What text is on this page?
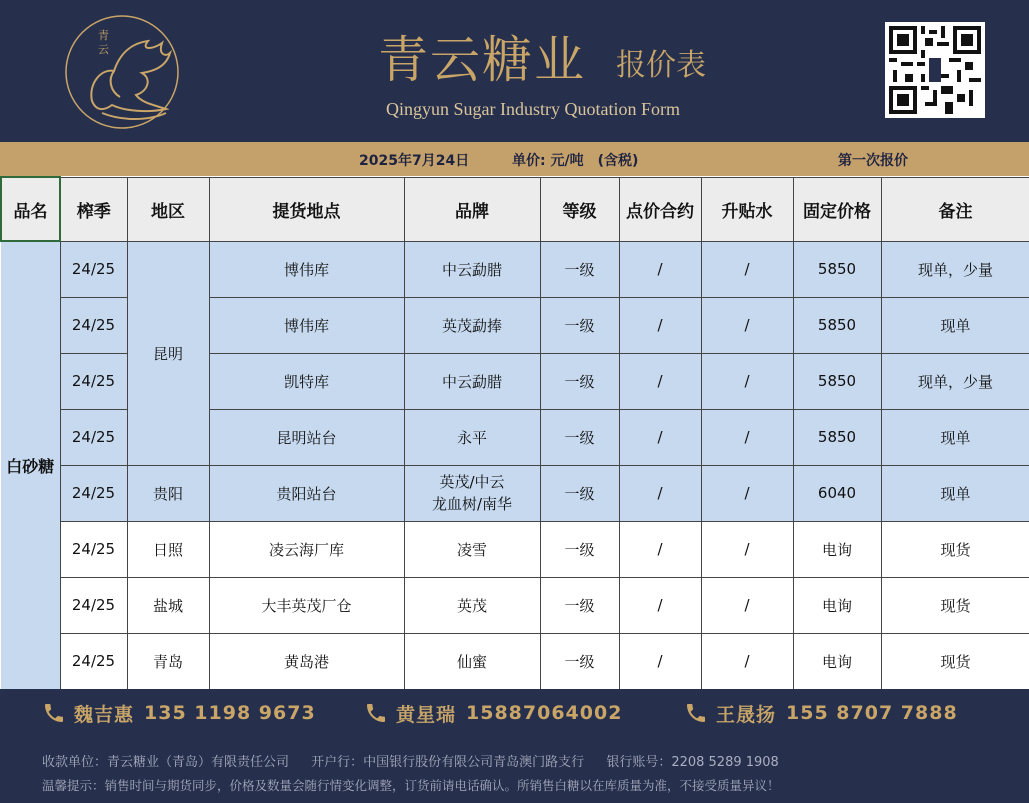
青
云	青云糖业 报价表
Qingyun Sugar Industry Quotation Form
2025年7月24日	单价: 元/吨　(含税)	第一次报价
品名	榨季	地区	提货地点	品牌	等级	点价合约	升贴水	固定价格	备注
白砂糖	24/25	昆明	博伟库	中云勐腊	一级	/	/	5850	现单，少量
	24/25		博伟库	英茂勐捧	一级	/	/	5850	现单
	24/25		凯特库	中云勐腊	一级	/	/	5850	现单，少量
	24/25		昆明站台	永平	一级	/	/	5850	现单
	24/25	贵阳	贵阳站台	英茂/中云
龙血树/南华	一级	/	/	6040	现单
	24/25	日照	凌云海厂库	凌雪	一级	/	/	电询	现货
	24/25	盐城	大丰英茂厂仓	英茂	一级	/	/	电询	现货
	24/25	青岛	黄岛港	仙蜜	一级	/	/	电询	现货
魏吉惠 135 1198 9673	黄星瑞 15887064002	王晟扬 155 8707 7888
收款单位：青云糖业（青岛）有限责任公司 开户行：中国银行股份有限公司青岛澳门路支行 银行账号：2208 5289 1908
温馨提示：销售时间与期货同步，价格及数量会随行情变化调整，订货前请电话确认。所销售白糖以在库质量为准，不接受质量异议！
